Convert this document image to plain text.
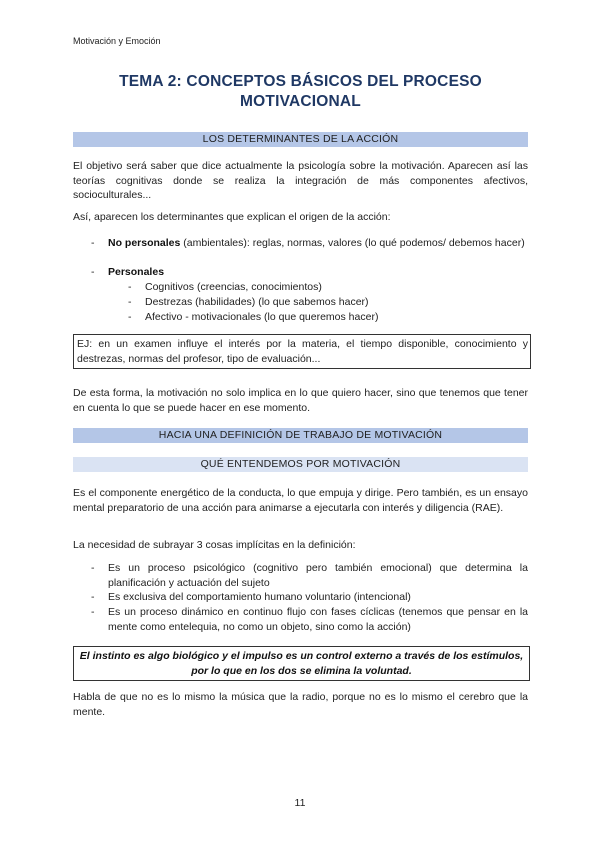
Motivación y Emoción
TEMA 2: CONCEPTOS BÁSICOS DEL PROCESO
MOTIVACIONAL
LOS DETERMINANTES DE LA ACCIÓN

El objetivo será saber que dice actualmente la psicología sobre la motivación. Aparecen así las teorías cognitivas donde se realiza la integración de más componentes afectivos, socioculturales...

Así, aparecen los determinantes que explican el origen de la acción:

- No personales (ambientales): reglas, normas, valores (lo qué podemos/ debemos hacer)
- Personales
- Cognitivos (creencias, conocimientos)
- Destrezas (habilidades) (lo que sabemos hacer)
- Afectivo - motivacionales (lo que queremos hacer)
EJ: en un examen influye el interés por la materia, el tiempo disponible, conocimiento y destrezas, normas del profesor, tipo de evaluación...

De esta forma, la motivación no solo implica en lo que quiero hacer, sino que tenemos que tener en cuenta lo que se puede hacer en ese momento.

HACIA UNA DEFINICIÓN DE TRABAJO DE MOTIVACIÓN
QUÉ ENTENDEMOS POR MOTIVACIÓN

Es el componente energético de la conducta, lo que empuja y dirige. Pero también, es un ensayo mental preparatorio de una acción para animarse a ejecutarla con interés y diligencia (RAE).

La necesidad de subrayar 3 cosas implícitas en la definición:

- Es un proceso psicológico (cognitivo pero también emocional) que determina la planificación y actuación del sujeto
- Es exclusiva del comportamiento humano voluntario (intencional)
- Es un proceso dinámico en continuo flujo con fases cíclicas (tenemos que pensar en la mente como entelequia, no como un objeto, sino como la acción)
El instinto es algo biológico y el impulso es un control externo a través de los estímulos, por lo que en los dos se elimina la voluntad.

Habla de que no es lo mismo la música que la radio, porque no es lo mismo el cerebro que la mente.

11
